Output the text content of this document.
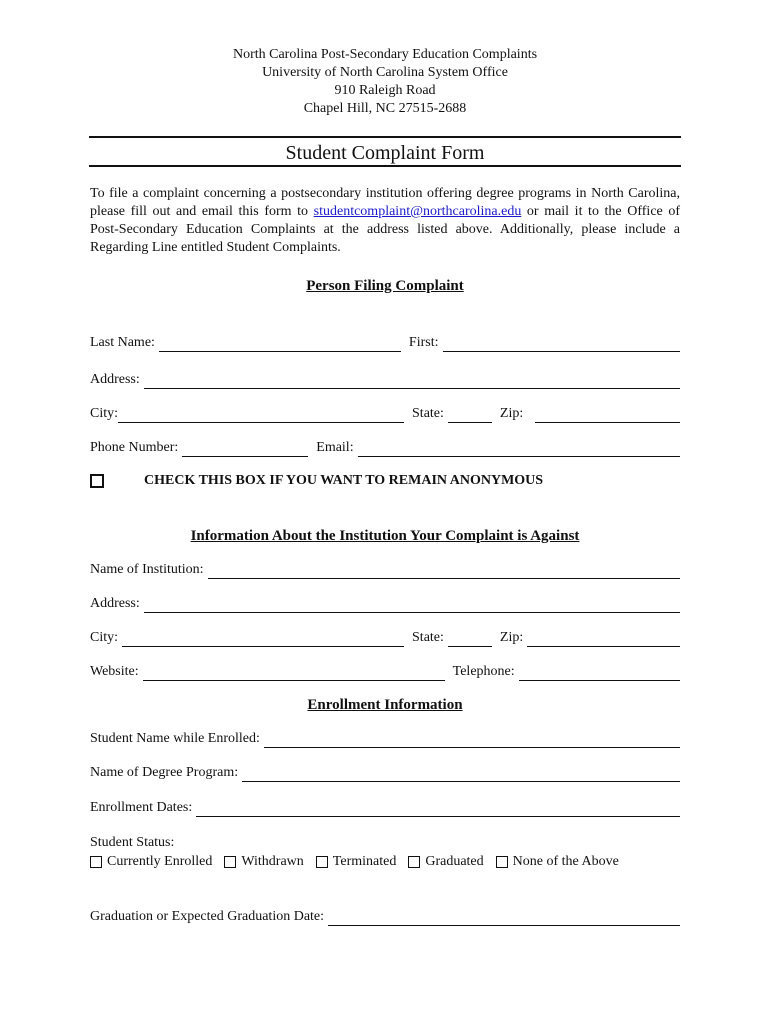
North Carolina Post-Secondary Education Complaints
University of North Carolina System Office
910 Raleigh Road
Chapel Hill, NC 27515-2688
Student Complaint Form
To file a complaint concerning a postsecondary institution offering degree programs in North Carolina, please fill out and email this form to studentcomplaint@northcarolina.edu or mail it to the Office of Post-Secondary Education Complaints at the address listed above. Additionally, please include a Regarding Line entitled Student Complaints.
Person Filing Complaint
Last Name:	First:
Address:
City:	State:	Zip:
Phone Number:	Email:
CHECK THIS BOX IF YOU WANT TO REMAIN ANONYMOUS
Information About the Institution Your Complaint is Against
Name of Institution:
Address:
City:	State:	Zip:
Website:	Telephone:
Enrollment Information
Student Name while Enrolled:
Name of Degree Program:
Enrollment Dates:
Student Status:
Currently Enrolled Withdrawn Terminated Graduated None of the Above
Graduation or Expected Graduation Date:
